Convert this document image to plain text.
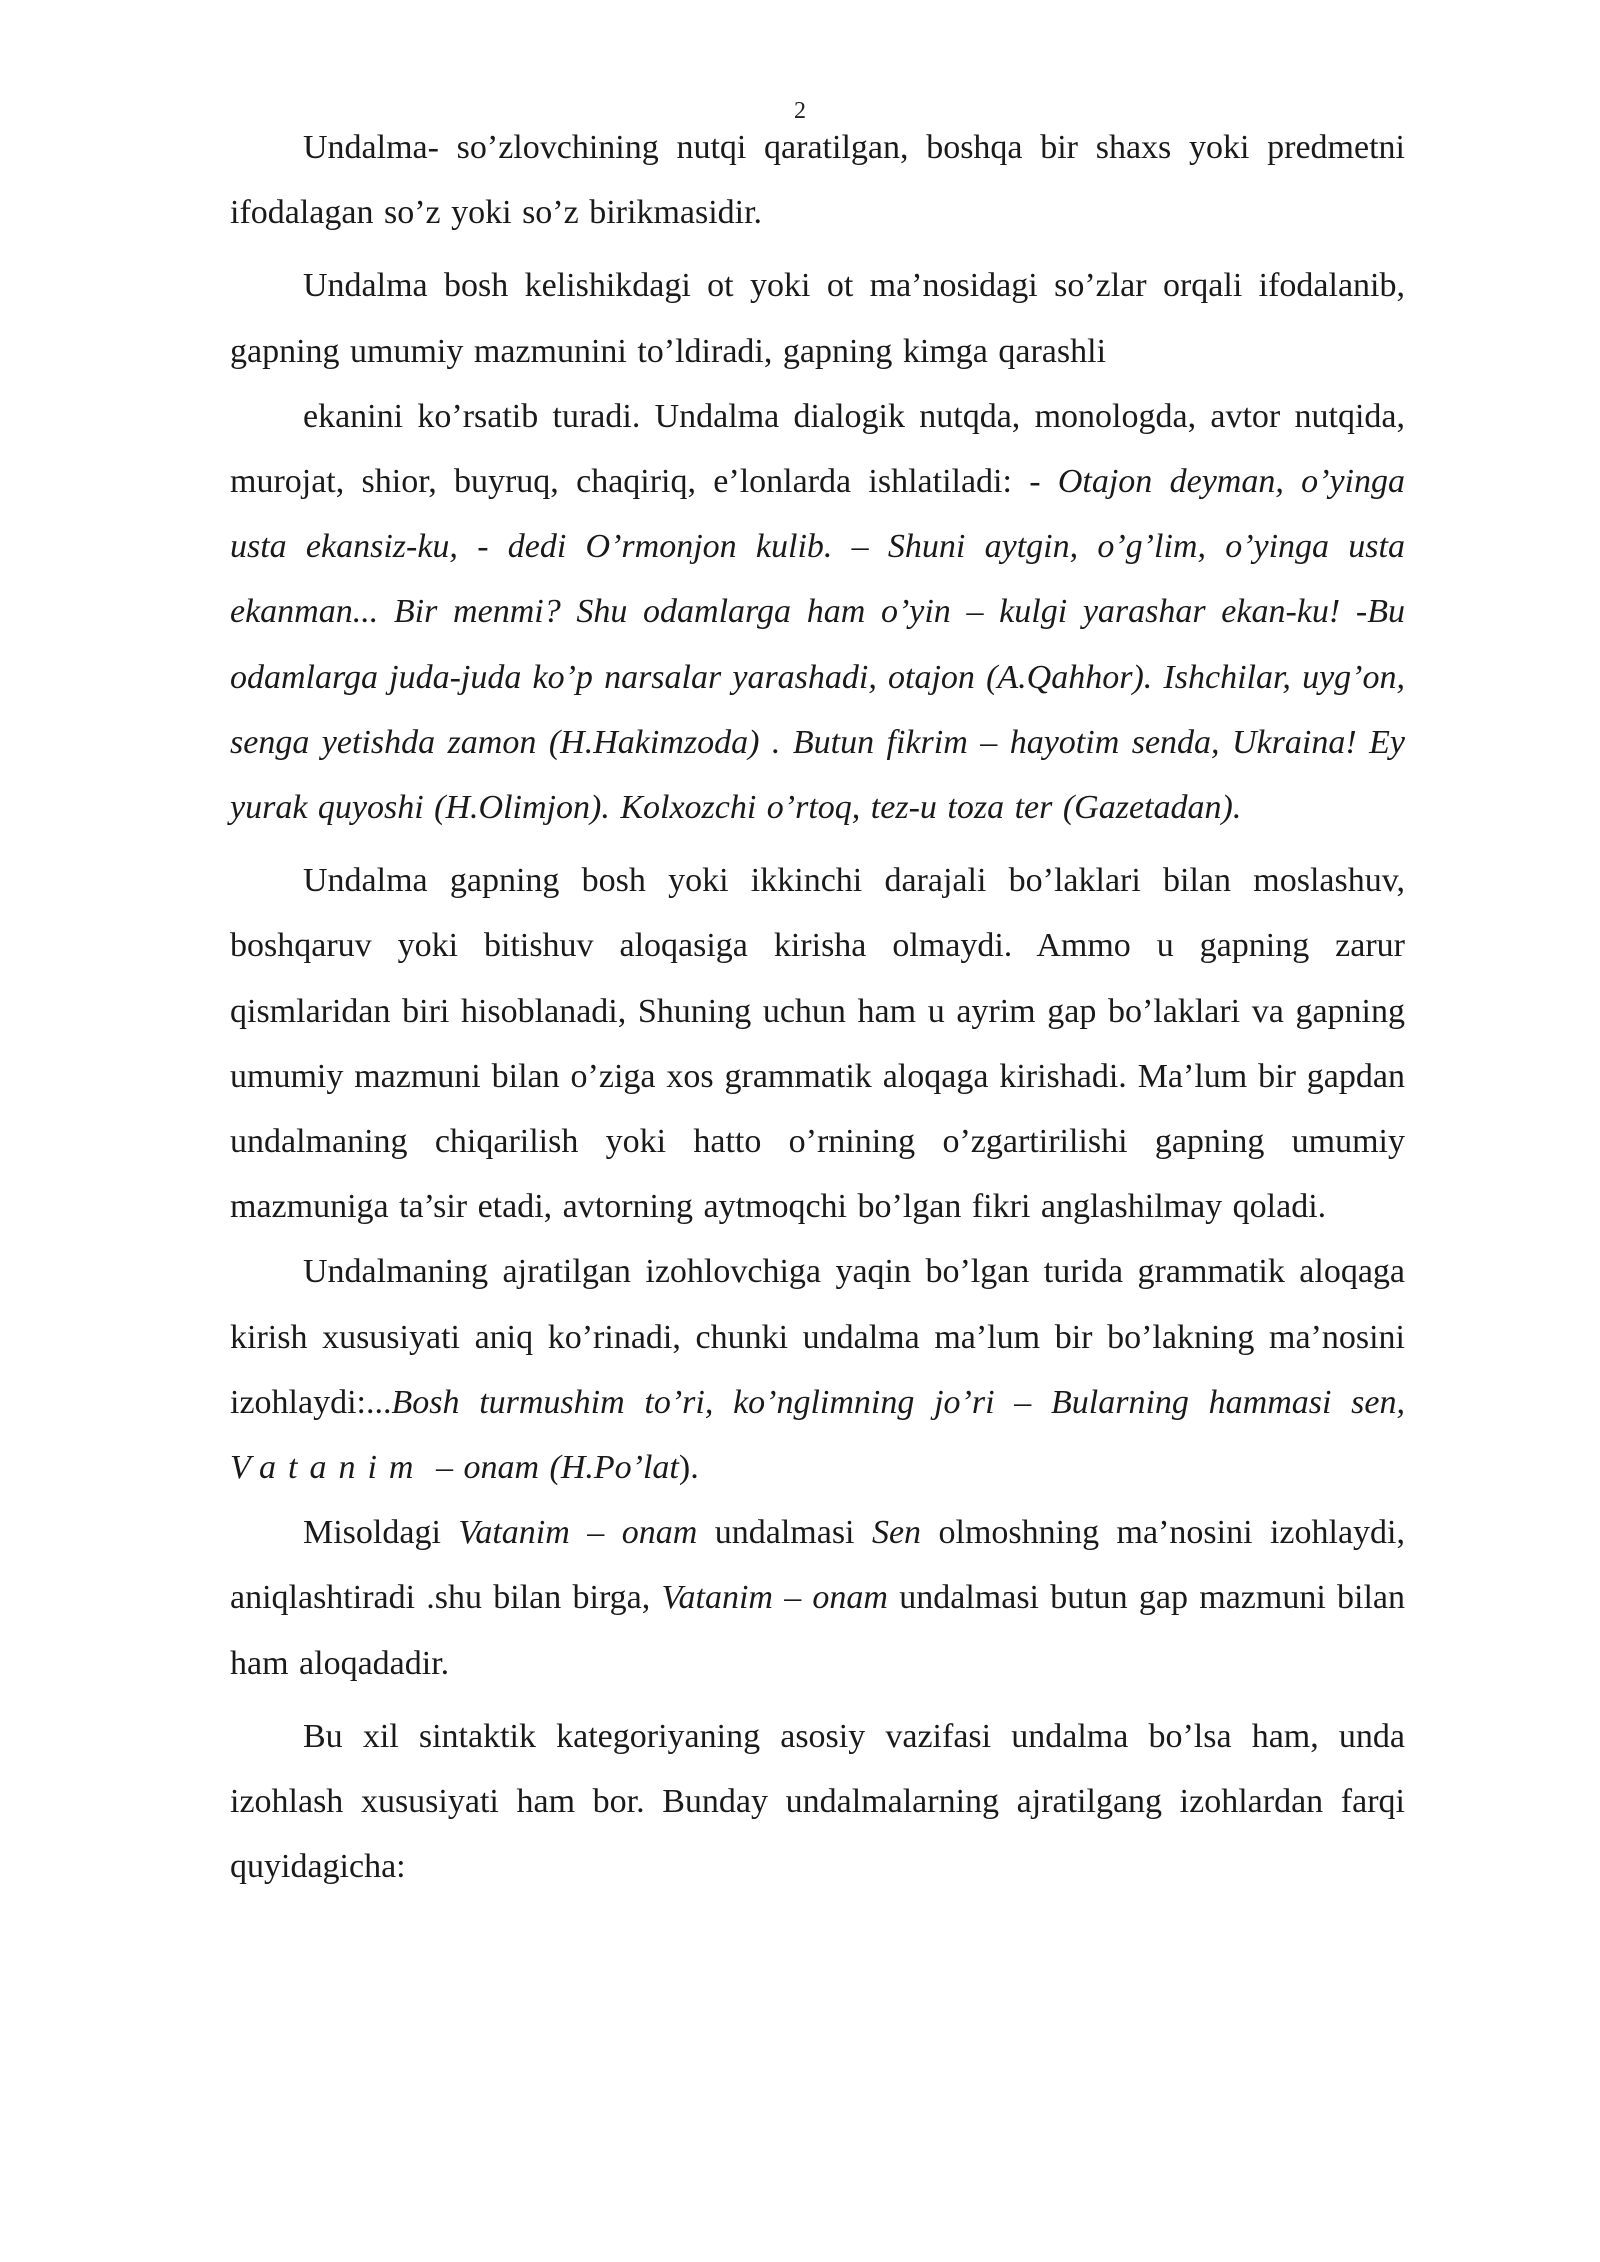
2

Undalma- so’zlovchining nutqi qaratilgan, boshqa bir shaxs yoki predmetni ifodalagan so’z yoki so’z birikmasidir.

Undalma bosh kelishikdagi ot yoki ot ma’nosidagi so’zlar orqali ifodalanib, gapning umumiy mazmunini to’ldiradi, gapning kimga qarashli

ekanini ko’rsatib turadi. Undalma dialogik nutqda, monologda, avtor nutqida, murojat, shior, buyruq, chaqiriq, e’lonlarda ishlatiladi: - Otajon deyman, o’yinga usta ekansiz-ku, - dedi O’rmonjon kulib. – Shuni aytgin, o’g’lim, o’yinga usta ekanman... Bir menmi? Shu odamlarga ham o’yin – kulgi yarashar ekan-ku! -Bu odamlarga juda-juda ko’p narsalar yarashadi, otajon (A.Qahhor). Ishchilar, uyg’on, senga yetishda zamon (H.Hakimzoda) . Butun fikrim – hayotim senda, Ukraina! Ey yurak quyoshi (H.Olimjon). Kolxozchi o’rtoq, tez-u toza ter (Gazetadan).

Undalma gapning bosh yoki ikkinchi darajali bo’laklari bilan moslashuv, boshqaruv yoki bitishuv aloqasiga kirisha olmaydi. Ammo u gapning zarur qismlaridan biri hisoblanadi, Shuning uchun ham u ayrim gap bo’laklari va gapning umumiy mazmuni bilan o’ziga xos grammatik aloqaga kirishadi. Ma’lum bir gapdan undalmaning chiqarilish yoki hatto o’rnining o’zgartirilishi gapning umumiy mazmuniga ta’sir etadi, avtorning aytmoqchi bo’lgan fikri anglashilmay qoladi.

Undalmaning ajratilgan izohlovchiga yaqin bo’lgan turida grammatik aloqaga kirish xususiyati aniq ko’rinadi, chunki undalma ma’lum bir bo’lakning ma’nosini izohlaydi:...Bosh turmushim to’ri, ko’nglimning jo’ri – Bularning hammasi sen, Vatanim – onam (H.Po’lat).

Misoldagi Vatanim – onam undalmasi Sen olmoshning ma’nosini izohlaydi, aniqlashtiradi .shu bilan birga, Vatanim – onam undalmasi butun gap mazmuni bilan ham aloqadadir.

Bu xil sintaktik kategoriyaning asosiy vazifasi undalma bo’lsa ham, unda izohlash xususiyati ham bor. Bunday undalmalarning ajratilgang izohlardan farqi quyidagicha:
